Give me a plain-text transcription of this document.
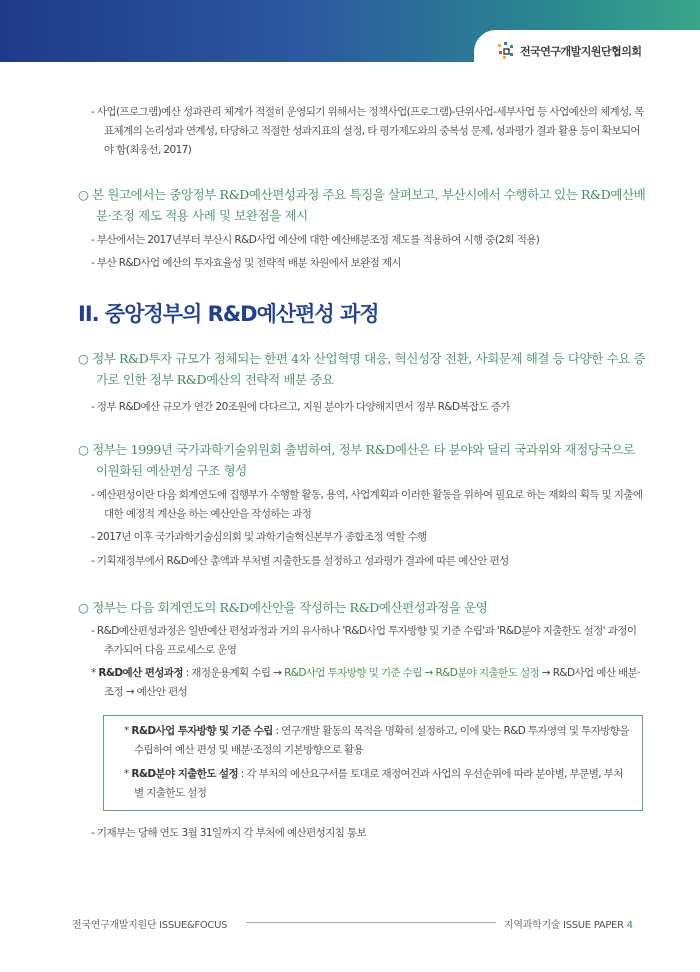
전국연구개발지원단협의회

- 사업(프로그램)예산 성과관리 체계가 적절히 운영되기 위해서는 정책사업(프로그램)-단위사업-세부사업 등 사업예산의 체계성, 목표체계의 논리성과 연계성, 타당하고 적절한 성과지표의 설정, 타 평가제도와의 중복성 문제, 성과평가 결과 활용 등이 확보되어야 함(최웅선, 2017)

○ 본 원고에서는 중앙정부 R&D예산편성과정 주요 특징을 살펴보고, 부산시에서 수행하고 있는 R&D예산배분·조정 제도 적용 사례 및 보완점을 제시

- 부산에서는 2017년부터 부산시 R&D사업 예산에 대한 예산배분조정 제도를 적용하여 시행 중(2회 적용)

- 부산 R&D사업 예산의 투자효율성 및 전략적 배분 차원에서 보완점 제시

II. 중앙정부의 R&D예산편성 과정

○ 정부 R&D투자 규모가 정체되는 한편 4차 산업혁명 대응, 혁신성장 전환, 사회문제 해결 등 다양한 수요 증가로 인한 정부 R&D예산의 전략적 배분 중요

- 정부 R&D예산 규모가 연간 20조원에 다다르고, 지원 분야가 다양해지면서 정부 R&D복잡도 증가

○ 정부는 1999년 국가과학기술위원회 출범하여, 정부 R&D예산은 타 분야와 달리 국과위와 재정당국으로 이원화된 예산편성 구조 형성

- 예산편성이란 다음 회계연도에 집행부가 수행할 활동, 용역, 사업계획과 이러한 활동을 위하여 필요로 하는 재화의 획득 및 지출에 대한 예정적 계산을 하는 예산안을 작성하는 과정

- 2017년 이후 국가과학기술심의회 및 과학기술혁신본부가 종합조정 역할 수행

- 기획재정부에서 R&D예산 총액과 부처별 지출한도를 설정하고 성과평가 결과에 따른 예산안 편성

○ 정부는 다음 회계연도의 R&D예산안을 작성하는 R&D예산편성과정을 운영

- R&D예산편성과정은 일반예산 편성과정과 거의 유사하나 'R&D사업 투자방향 및 기준 수립'과 'R&D분야 지출한도 설정' 과정이 추가되어 다음 프로세스로 운영

* R&D예산 편성과정 : 재정운용계획 수립 → R&D사업 투자방향 및 기준 수립 → R&D분야 지출한도 설정 → R&D사업 예산 배분·조정 → 예산안 편성

* R&D사업 투자방향 및 기준 수립 : 연구개발 활동의 목적을 명확히 설정하고, 이에 맞는 R&D 투자영역 및 투자방향을 수립하여 예산 편성 및 배분·조정의 기본방향으로 활용

* R&D분야 지출한도 설정 : 각 부처의 예산요구서를 토대로 재정여건과 사업의 우선순위에 따라 분야별, 부문별, 부처별 지출한도 설정

- 기재부는 당해 연도 3월 31일까지 각 부처에 예산편성지침 통보

전국연구개발지원단 ISSUE&FOCUS	지역과학기술 ISSUE PAPER 4
